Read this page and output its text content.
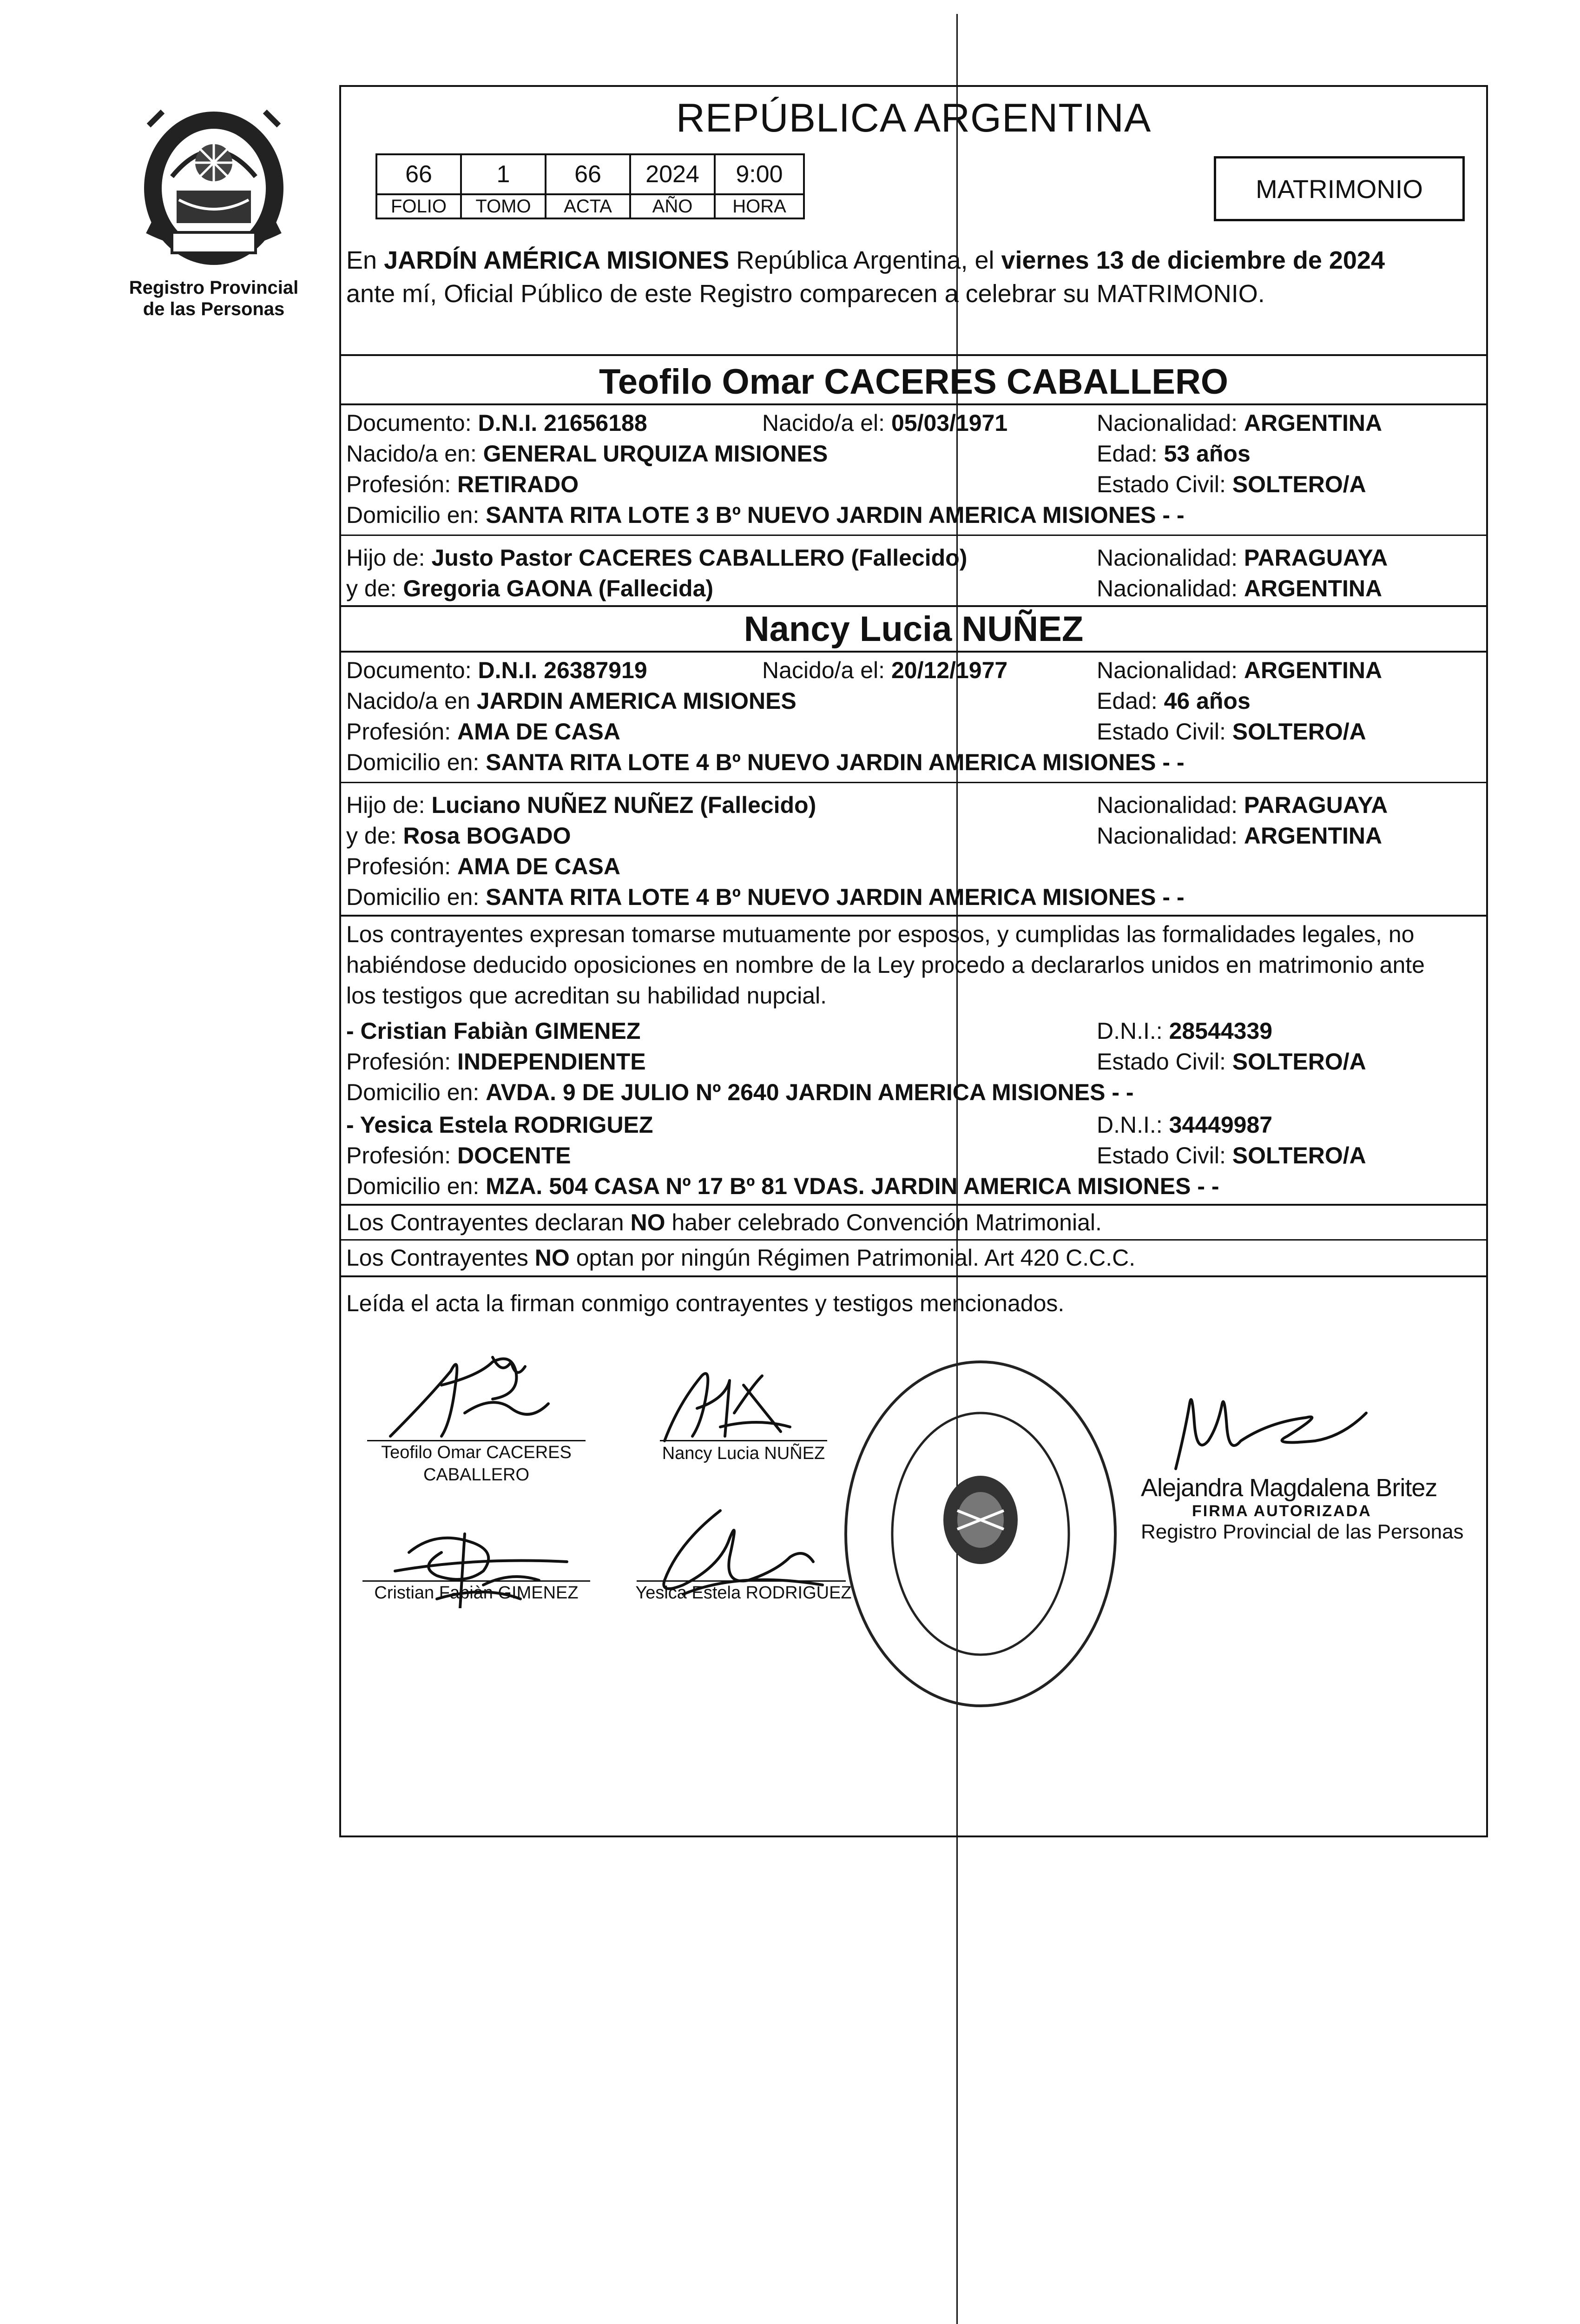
Registro Provincial
de las Personas
REPÚBLICA ARGENTINA
66	1	66	2024	9:00
FOLIO	TOMO	ACTA	AÑO	HORA
MATRIMONIO
En JARDÍN AMÉRICA MISIONES República Argentina, el viernes 13 de diciembre de 2024
ante mí, Oficial Público de este Registro comparecen a celebrar su MATRIMONIO.
Teofilo Omar CACERES CABALLERO
Documento: D.N.I. 21656188	Nacido/a el: 05/03/1971	Nacionalidad: ARGENTINA
Nacido/a en: GENERAL URQUIZA MISIONES	Edad: 53 años
Profesión: RETIRADO	Estado Civil: SOLTERO/A
Domicilio en: SANTA RITA LOTE 3 Bº NUEVO JARDIN AMERICA MISIONES - -
Hijo de: Justo Pastor CACERES CABALLERO (Fallecido)	Nacionalidad: PARAGUAYA
y de: Gregoria GAONA (Fallecida)	Nacionalidad: ARGENTINA
Nancy Lucia NUÑEZ
Documento: D.N.I. 26387919	Nacido/a el: 20/12/1977	Nacionalidad: ARGENTINA
Nacido/a en JARDIN AMERICA MISIONES	Edad: 46 años
Profesión: AMA DE CASA	Estado Civil: SOLTERO/A
Domicilio en: SANTA RITA LOTE 4 Bº NUEVO JARDIN AMERICA MISIONES - -
Hijo de: Luciano NUÑEZ NUÑEZ (Fallecido)	Nacionalidad: PARAGUAYA
y de: Rosa BOGADO	Nacionalidad: ARGENTINA
Profesión: AMA DE CASA
Domicilio en: SANTA RITA LOTE 4 Bº NUEVO JARDIN AMERICA MISIONES - -
Los contrayentes expresan tomarse mutuamente por esposos, y cumplidas las formalidades legales, no
habiéndose deducido oposiciones en nombre de la Ley procedo a declararlos unidos en matrimonio ante
los testigos que acreditan su habilidad nupcial.
- Cristian Fabiàn GIMENEZ	D.N.I.: 28544339
Profesión: INDEPENDIENTE	Estado Civil: SOLTERO/A
Domicilio en: AVDA. 9 DE JULIO Nº 2640 JARDIN AMERICA MISIONES - -
- Yesica Estela RODRIGUEZ	D.N.I.: 34449987
Profesión: DOCENTE	Estado Civil: SOLTERO/A
Domicilio en: MZA. 504 CASA Nº 17 Bº 81 VDAS. JARDIN AMERICA MISIONES - -
Los Contrayentes declaran NO haber celebrado Convención Matrimonial.
Los Contrayentes NO optan por ningún Régimen Patrimonial. Art 420 C.C.C.
Leída el acta la firman conmigo contrayentes y testigos mencionados.
Teofilo Omar CACERES
CABALLERO
Nancy Lucia NUÑEZ
Cristian Fabiàn GIMENEZ	Yesica Estela RODRIGUEZ
Alejandra Magdalena Britez
FIRMA AUTORIZADA
Registro Provincial de las Personas
